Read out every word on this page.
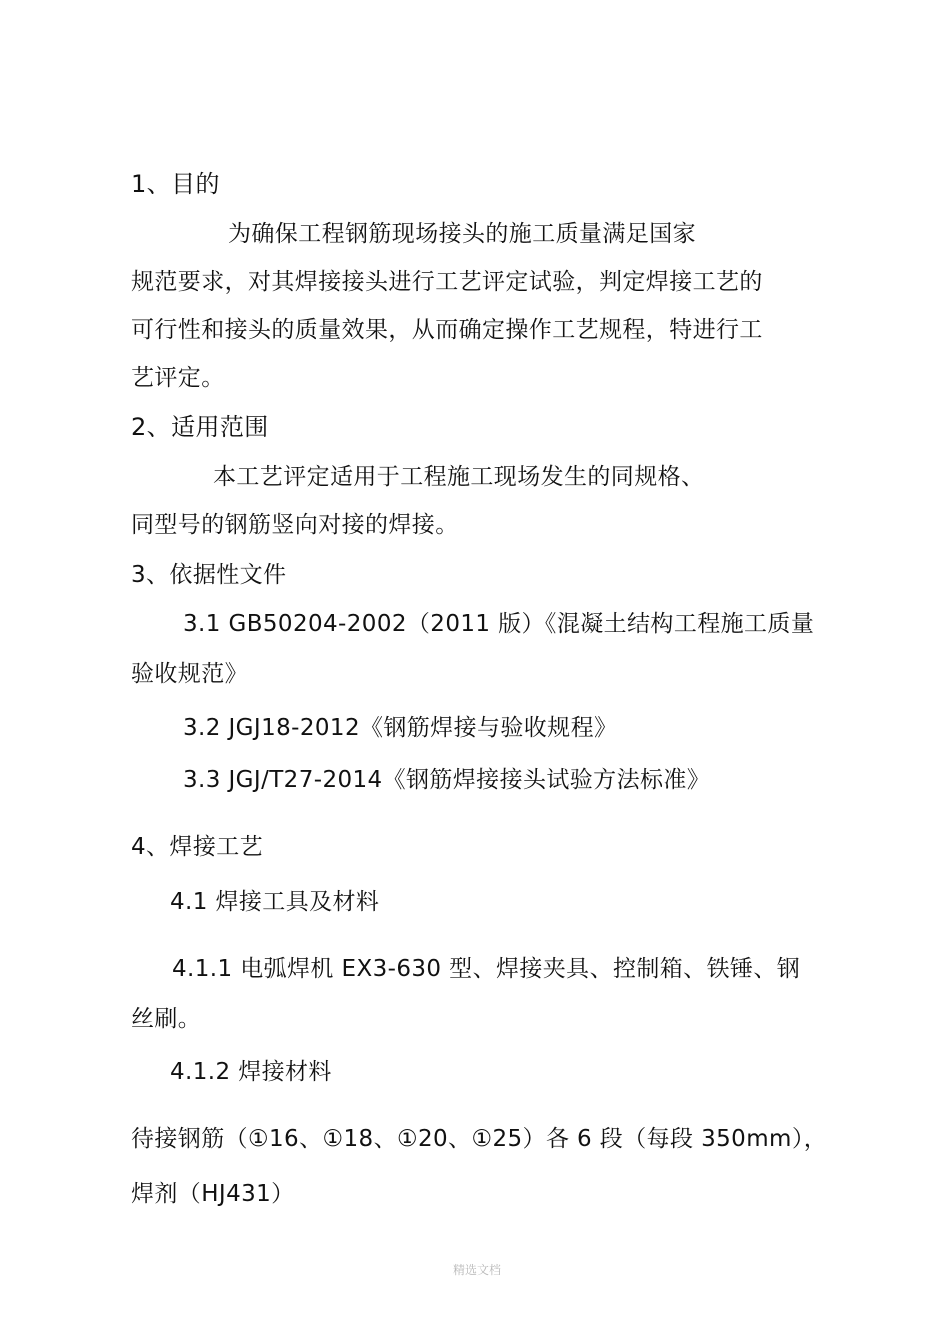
1、目的

为确保工程钢筋现场接头的施工质量满足国家

规范要求，对其焊接接头进行工艺评定试验，判定焊接工艺的

可行性和接头的质量效果，从而确定操作工艺规程，特进行工

艺评定。

2、适用范围

本工艺评定适用于工程施工现场发生的同规格、

同型号的钢筋竖向对接的焊接。

3、依据性文件

3.1 GB50204-2002（2011 版）《混凝土结构工程施工质量

验收规范》

3.2 JGJ18-2012《钢筋焊接与验收规程》

3.3 JGJ/T27-2014《钢筋焊接接头试验方法标准》

4、焊接工艺

4.1 焊接工具及材料

4.1.1 电弧焊机 EX3-630 型、焊接夹具、控制箱、铁锤、钢

丝刷。

4.1.2 焊接材料

待接钢筋（①16、①18、①20、①25）各 6 段（每段 350mm），

焊剂（HJ431）

精选文档
